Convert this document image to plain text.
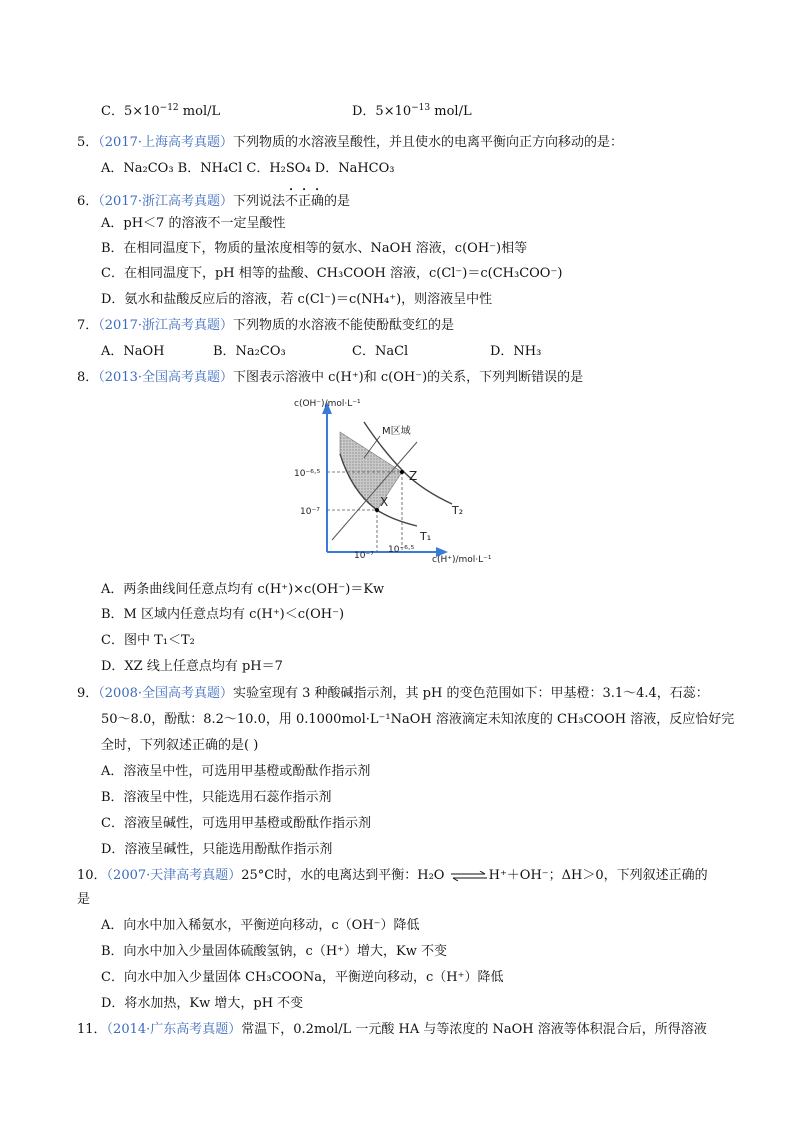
C．$5\times 10^{-12}$ mol/L	D．$5\times 10^{-13}$ mol/L
5．（2017·上海高考真题）下列物质的水溶液呈酸性，并且使水的电离平衡向正方向移动的是：
A．Na₂CO₃ B．NH₄Cl C．H₂SO₄ D．NaHCO₃
6．（2017·浙江高考真题）下列说法不正确的是
A．pH＜7 的溶液不一定呈酸性
B．在相同温度下，物质的量浓度相等的氨水、NaOH 溶液，c(OH⁻)相等
C．在相同温度下，pH 相等的盐酸、CH₃COOH 溶液，c(Cl⁻)＝c(CH₃COO⁻)
D．氨水和盐酸反应后的溶液，若 c(Cl⁻)＝c(NH₄⁺)，则溶液呈中性
7．（2017·浙江高考真题）下列物质的水溶液不能使酚酞变红的是
A．NaOH	B．Na₂CO₃	C．NaCl	D．NH₃
8．（2013·全国高考真题）下图表示溶液中 c(H⁺)和 c(OH⁻)的关系，下列判断错误的是
c(OH⁻)/mol·L⁻¹
c(H⁺)/mol·L⁻¹
M区域
10⁻⁶·⁵
10⁻⁷
10⁻⁷
10⁻⁶·⁵
Z
X
T₁
T₂
A．两条曲线间任意点均有 c(H⁺)×c(OH⁻)＝Kw
B．M 区域内任意点均有 c(H⁺)＜c(OH⁻)
C．图中 T₁＜T₂
D．XZ 线上任意点均有 pH＝7
9．（2008·全国高考真题）实验室现有 3 种酸碱指示剂，其 pH 的变色范围如下：甲基橙：3.1～4.4，石蕊：
50～8.0，酚酞：8.2～10.0，用 0.1000mol·L⁻¹NaOH 溶液滴定未知浓度的 CH₃COOH 溶液，反应恰好完
全时，下列叙述正确的是( )
A．溶液呈中性，可选用甲基橙或酚酞作指示剂
B．溶液呈中性，只能选用石蕊作指示剂
C．溶液呈碱性，可选用甲基橙或酚酞作指示剂
D．溶液呈碱性，只能选用酚酞作指示剂
10．（2007·天津高考真题）25°C时，水的电离达到平衡：H₂O ⇌H⁺＋OH⁻；ΔH＞0，下列叙述正确的
是
A．向水中加入稀氨水，平衡逆向移动，c（OH⁻）降低
B．向水中加入少量固体硫酸氢钠，c（H⁺）增大，Kw 不变
C．向水中加入少量固体 CH₃COONa，平衡逆向移动，c（H⁺）降低
D．将水加热，Kw 增大，pH 不变
11．（2014·广东高考真题）常温下，0.2mol/L 一元酸 HA 与等浓度的 NaOH 溶液等体积混合后，所得溶液
